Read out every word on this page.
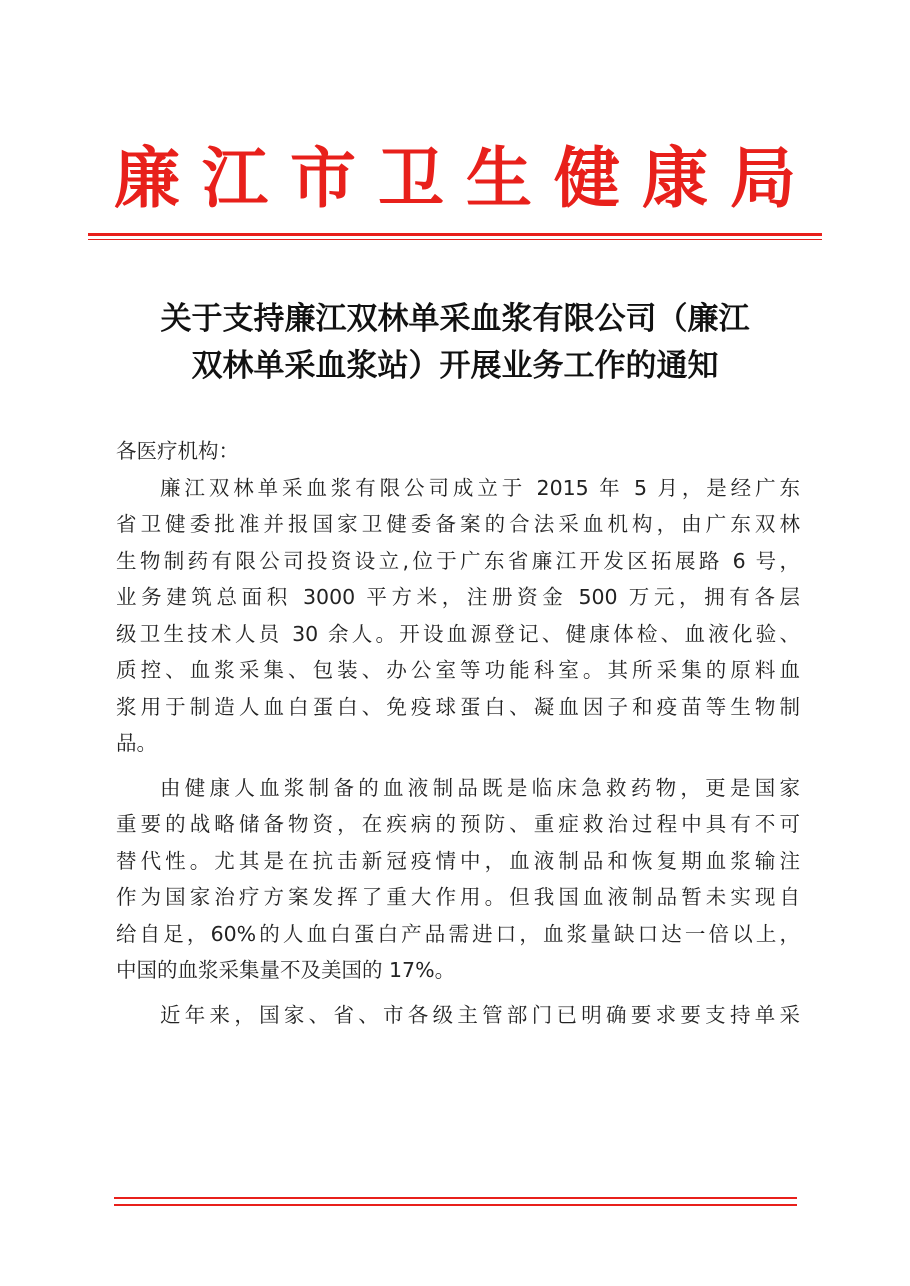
廉江市卫生健康局
关于支持廉江双林单采血浆有限公司（廉江
双林单采血浆站）开展业务工作的通知

各医疗机构：

廉江双林单采血浆有限公司成立于 2015 年 5 月，是经广东
省卫健委批准并报国家卫健委备案的合法采血机构，由广东双林
生物制药有限公司投资设立,位于广东省廉江开发区拓展路 6 号，
业务建筑总面积 3000 平方米，注册资金 500 万元，拥有各层
级卫生技术人员 30 余人。开设血源登记、健康体检、血液化验、
质控、血浆采集、包装、办公室等功能科室。其所采集的原料血
浆用于制造人血白蛋白、免疫球蛋白、凝血因子和疫苗等生物制
品。
由健康人血浆制备的血液制品既是临床急救药物，更是国家
重要的战略储备物资，在疾病的预防、重症救治过程中具有不可
替代性。尤其是在抗击新冠疫情中，血液制品和恢复期血浆输注
作为国家治疗方案发挥了重大作用。但我国血液制品暂未实现自
给自足，60%的人血白蛋白产品需进口，血浆量缺口达一倍以上，
中国的血浆采集量不及美国的 17%。
近年来，国家、省、市各级主管部门已明确要求要支持单采
